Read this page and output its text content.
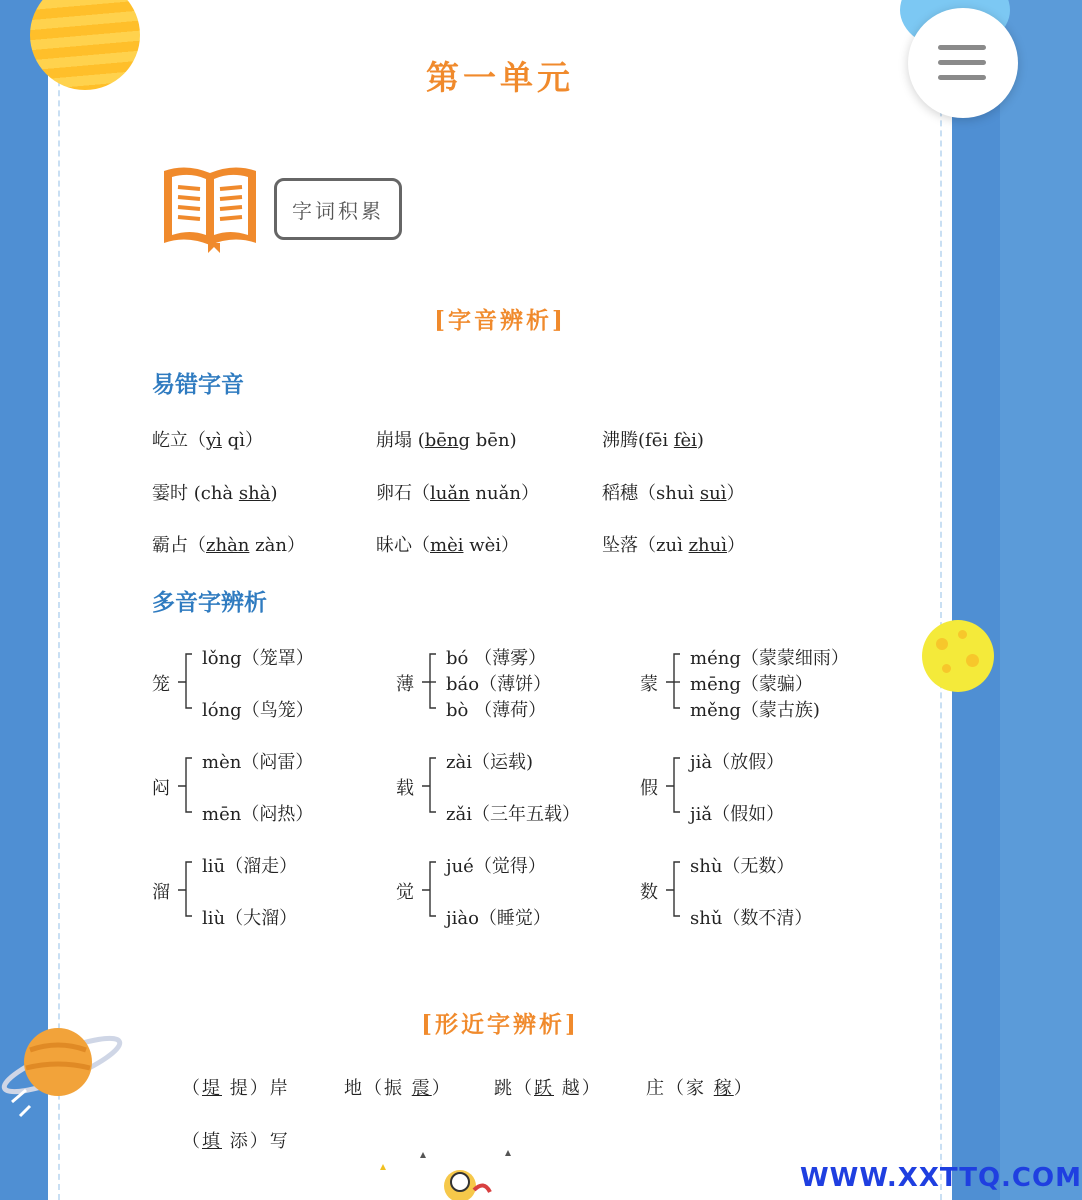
第一单元
字词积累
[字音辨析]
易错字音
屹立（yì qì）	崩塌 (bēng bēn)	沸腾(fēi fèi)
霎时 (chà shà)	卵石（luǎn nuǎn）	稻穗（shuì suì）
霸占（zhàn zàn）	昧心（mèi wèi）	坠落（zuì zhuì）
多音字辨析
笼
lǒng（笼罩）
lóng（鸟笼）
薄
bó （薄雾）
báo（薄饼）
bò （薄荷）
蒙
méng（蒙蒙细雨）
mēng（蒙骗）
měng（蒙古族)
闷
mèn（闷雷）
mēn（闷热）
载
zài（运载)
zǎi（三年五载）
假
jià（放假）
jiǎ（假如）
溜
liū（溜走）
liù（大溜）
觉
jué（觉得）
jiào（睡觉）
数
shù（无数）
shǔ（数不清）
[形近字辨析]
（堤 提）岸	地（振 震） 跳（跃 越） 庄（家 稼）
（填 添）写
WWW.XXTTQ.COM
